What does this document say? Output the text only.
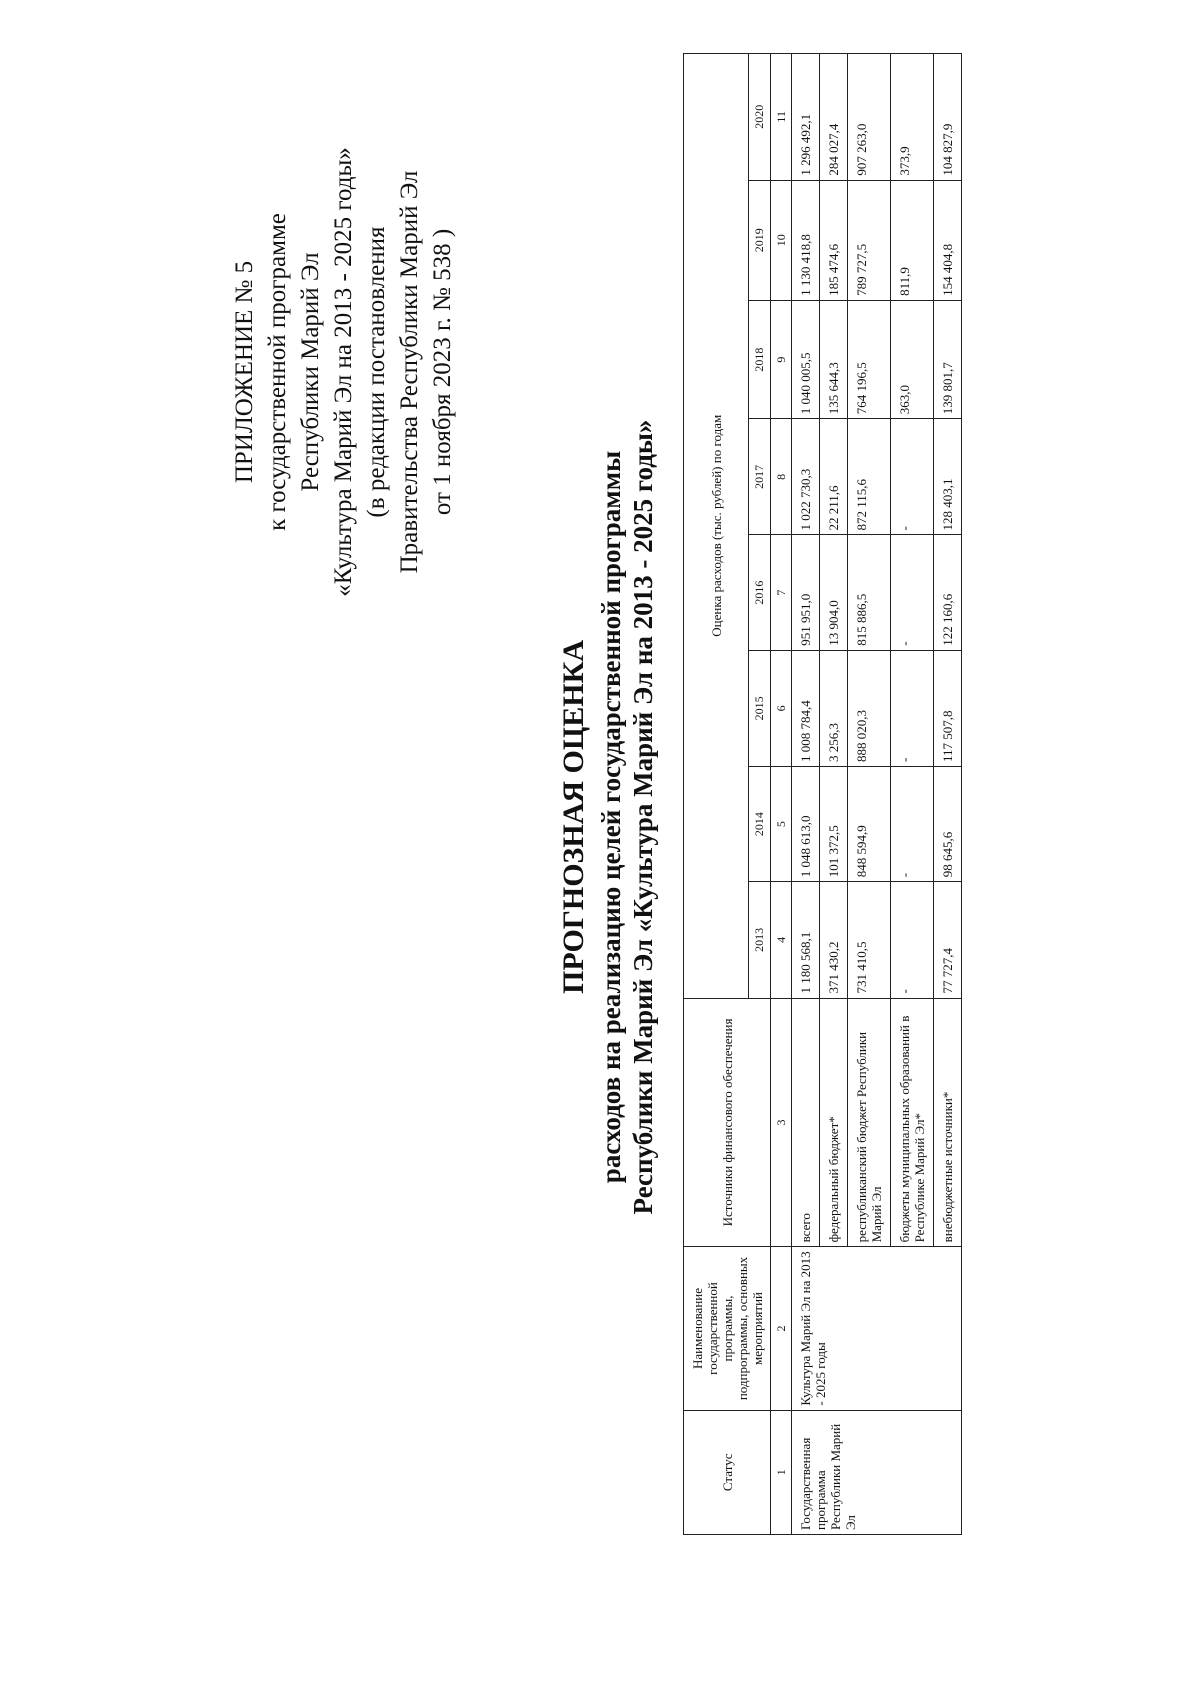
ПРИЛОЖЕНИЕ № 5 к государственной программе Республики Марий Эл «Культура Марий Эл на 2013 - 2025 годы» (в редакции постановления Правительства Республики Марий Эл от 1 ноября 2023 г. № 538 )
ПРОГНОЗНАЯ ОЦЕНКА расходов на реализацию целей государственной программы Республики Марий Эл «Культура Марий Эл на 2013 - 2025 годы»
Статус	Наименование государственной программы, подпрограммы, основных мероприятий	Источники финансового обеспечения	Оценка расходов (тыс. рублей) по годам							
			2013	2014	2015	2016	2017	2018	2019	2020
1	2	3	4	5	6	7	8	9	10	11
Государственная программа Республики Марий Эл	Культура Марий Эл на 2013 - 2025 годы	всего	1 180 568,1	1 048 613,0	1 008 784,4	951 951,0	1 022 730,3	1 040 005,5	1 130 418,8	1 296 492,1
		федеральный бюджет*	371 430,2	101 372,5	3 256,3	13 904,0	22 211,6	135 644,3	185 474,6	284 027,4
		республиканский бюджет Республики Марий Эл	731 410,5	848 594,9	888 020,3	815 886,5	872 115,6	764 196,5	789 727,5	907 263,0
		бюджеты муниципальных образований в Республике Марий Эл*	-	-	-	-	-	363,0	811,9	373,9
		внебюджетные источники*	77 727,4	98 645,6	117 507,8	122 160,6	128 403,1	139 801,7	154 404,8	104 827,9
